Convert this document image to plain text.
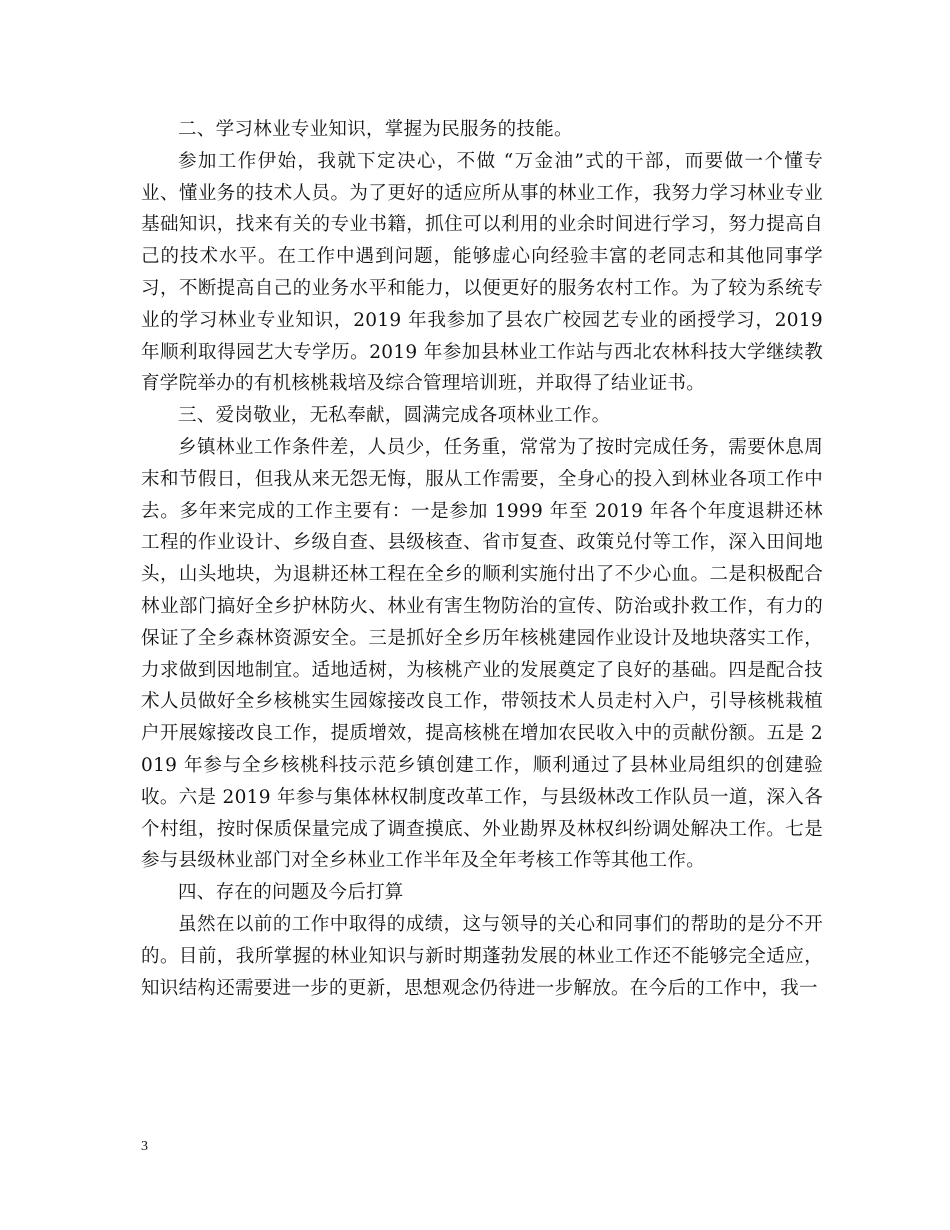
二、学习林业专业知识，掌握为民服务的技能。

参加工作伊始，我就下定决心，不做 “万金油”式的干部，而要做一个懂专业、懂业务的技术人员。为了更好的适应所从事的林业工作，我努力学习林业专业基础知识，找来有关的专业书籍，抓住可以利用的业余时间进行学习，努力提高自己的技术水平。在工作中遇到问题，能够虚心向经验丰富的老同志和其他同事学习，不断提高自己的业务水平和能力，以便更好的服务农村工作。为了较为系统专业的学习林业专业知识，2019 年我参加了县农广校园艺专业的函授学习，2019 年顺利取得园艺大专学历。2019 年参加县林业工作站与西北农林科技大学继续教育学院举办的有机核桃栽培及综合管理培训班，并取得了结业证书。

三、爱岗敬业，无私奉献，圆满完成各项林业工作。

乡镇林业工作条件差，人员少，任务重，常常为了按时完成任务，需要休息周末和节假日，但我从来无怨无悔，服从工作需要，全身心的投入到林业各项工作中去。多年来完成的工作主要有：一是参加 1999 年至 2019 年各个年度退耕还林工程的作业设计、乡级自查、县级核查、省市复查、政策兑付等工作，深入田间地头，山头地块，为退耕还林工程在全乡的顺利实施付出了不少心血。二是积极配合林业部门搞好全乡护林防火、林业有害生物防治的宣传、防治或扑救工作，有力的保证了全乡森林资源安全。三是抓好全乡历年核桃建园作业设计及地块落实工作，力求做到因地制宜。适地适树，为核桃产业的发展奠定了良好的基础。四是配合技术人员做好全乡核桃实生园嫁接改良工作，带领技术人员走村入户，引导核桃栽植户开展嫁接改良工作，提质增效，提高核桃在增加农民收入中的贡献份额。五是 2019 年参与全乡核桃科技示范乡镇创建工作，顺利通过了县林业局组织的创建验收。六是 2019 年参与集体林权制度改革工作，与县级林改工作队员一道，深入各个村组，按时保质保量完成了调查摸底、外业勘界及林权纠纷调处解决工作。七是参与县级林业部门对全乡林业工作半年及全年考核工作等其他工作。

四、存在的问题及今后打算

虽然在以前的工作中取得的成绩，这与领导的关心和同事们的帮助的是分不开的。目前，我所掌握的林业知识与新时期蓬勃发展的林业工作还不能够完全适应，知识结构还需要进一步的更新，思想观念仍待进一步解放。在今后的工作中，我一

3
